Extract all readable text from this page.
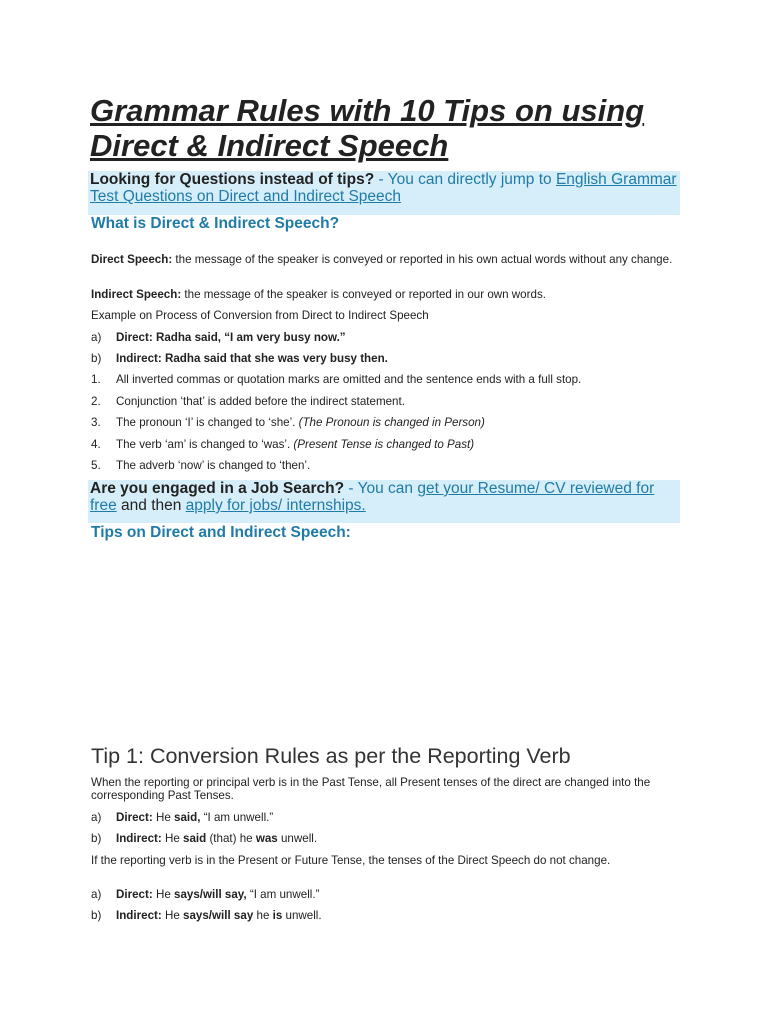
Grammar Rules with 10 Tips on using Direct & Indirect Speech
Looking for Questions instead of tips? - You can directly jump to English Grammar Test Questions on Direct and Indirect Speech
What is Direct & Indirect Speech?

Direct Speech: the message of the speaker is conveyed or reported in his own actual words without any change.

Indirect Speech: the message of the speaker is conveyed or reported in our own words.

Example on Process of Conversion from Direct to Indirect Speech

a) Direct: Radha said, “I am very busy now.”
b) Indirect: Radha said that she was very busy then.
1. All inverted commas or quotation marks are omitted and the sentence ends with a full stop.
2. Conjunction ‘that’ is added before the indirect statement.
3. The pronoun ‘I’ is changed to ‘she’. (The Pronoun is changed in Person)
4. The verb ‘am’ is changed to ‘was’. (Present Tense is changed to Past)
5. The adverb ‘now’ is changed to ‘then’.
Are you engaged in a Job Search? - You can get your Resume/ CV reviewed for free and then apply for jobs/ internships.
Tips on Direct and Indirect Speech:
Tip 1: Conversion Rules as per the Reporting Verb

When the reporting or principal verb is in the Past Tense, all Present tenses of the direct are changed into the corresponding Past Tenses.

a) Direct: He said, “I am unwell.”
b) Indirect: He said (that) he was unwell.

If the reporting verb is in the Present or Future Tense, the tenses of the Direct Speech do not change.

a) Direct: He says/will say, “I am unwell.”
b) Indirect: He says/will say he is unwell.
